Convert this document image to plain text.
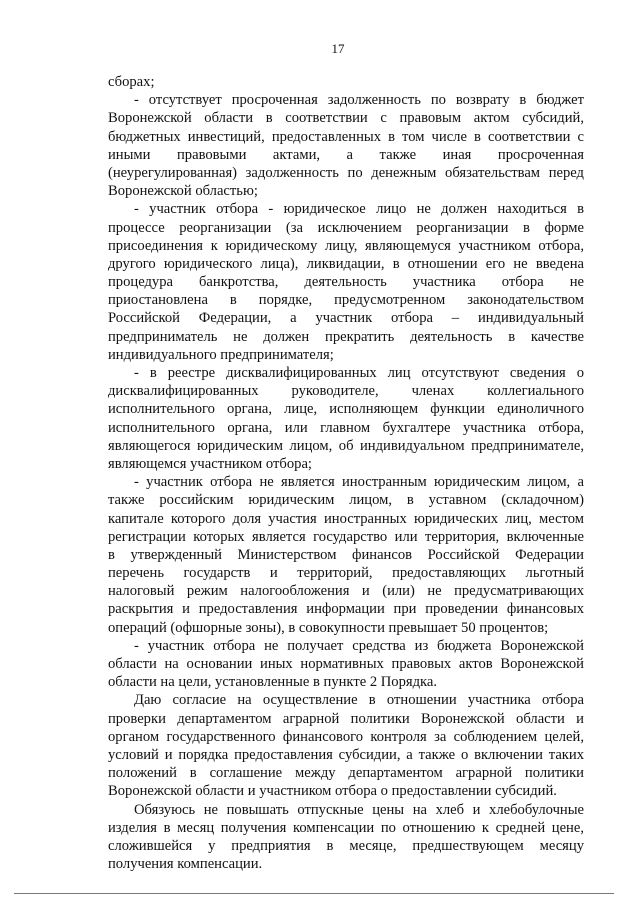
17
сборах;
- отсутствует просроченная задолженность по возврату в бюджет
Воронежской области в соответствии с правовым актом субсидий,
бюджетных инвестиций, предоставленных в том числе в соответствии с
иными правовыми актами, а также иная просроченная
(неурегулированная) задолженность по денежным обязательствам перед
Воронежской областью;
- участник отбора - юридическое лицо не должен находиться в
процессе реорганизации (за исключением реорганизации в форме
присоединения к юридическому лицу, являющемуся участником отбора,
другого юридического лица), ликвидации, в отношении его не введена
процедура банкротства, деятельность участника отбора не
приостановлена в порядке, предусмотренном законодательством
Российской Федерации, а участник отбора – индивидуальный
предприниматель не должен прекратить деятельность в качестве
индивидуального предпринимателя;
- в реестре дисквалифицированных лиц отсутствуют сведения о
дисквалифицированных руководителе, членах коллегиального
исполнительного органа, лице, исполняющем функции единоличного
исполнительного органа, или главном бухгалтере участника отбора,
являющегося юридическим лицом, об индивидуальном предпринимателе,
являющемся участником отбора;
- участник отбора не является иностранным юридическим лицом, а
также российским юридическим лицом, в уставном (складочном)
капитале которого доля участия иностранных юридических лиц, местом
регистрации которых является государство или территория, включенные
в утвержденный Министерством финансов Российской Федерации
перечень государств и территорий, предоставляющих льготный
налоговый режим налогообложения и (или) не предусматривающих
раскрытия и предоставления информации при проведении финансовых
операций (офшорные зоны), в совокупности превышает 50 процентов;
- участник отбора не получает средства из бюджета Воронежской
области на основании иных нормативных правовых актов Воронежской
области на цели, установленные в пункте 2 Порядка.
Даю согласие на осуществление в отношении участника отбора
проверки департаментом аграрной политики Воронежской области и
органом государственного финансового контроля за соблюдением целей,
условий и порядка предоставления субсидии, а также о включении таких
положений в соглашение между департаментом аграрной политики
Воронежской области и участником отбора о предоставлении субсидий.
Обязуюсь не повышать отпускные цены на хлеб и хлебобулочные
изделия в месяц получения компенсации по отношению к средней цене,
сложившейся у предприятия в месяце, предшествующем месяцу
получения компенсации.
